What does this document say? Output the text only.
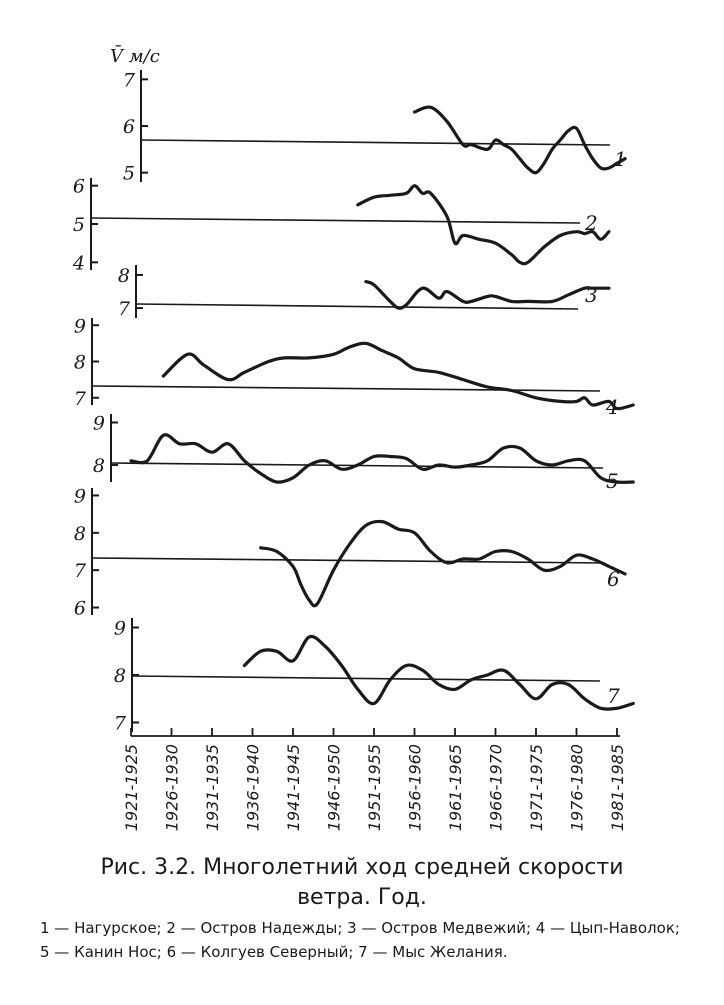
V̄ м/с
5
6
7
1
4
5
6
2
7
8
3
7
8
9
4
8
9
5
6
7
8
9
6
7
8
9
7
1921-1925 1926-1930 1931-1935 1936-1940 1941-1945 1946-1950 1951-1955 1956-1960 1961-1965 1966-1970 1971-1975 1976-1980 1981-1985
Рис. 3.2. Многолетний ход средней скорости
ветра. Год.
1 — Нагурское; 2 — Остров Надежды; 3 — Остров Медвежий; 4 — Цып-Наволок; 5 — Канин Нос; 6 — Колгуев Северный; 7 — Мыс Желания.
